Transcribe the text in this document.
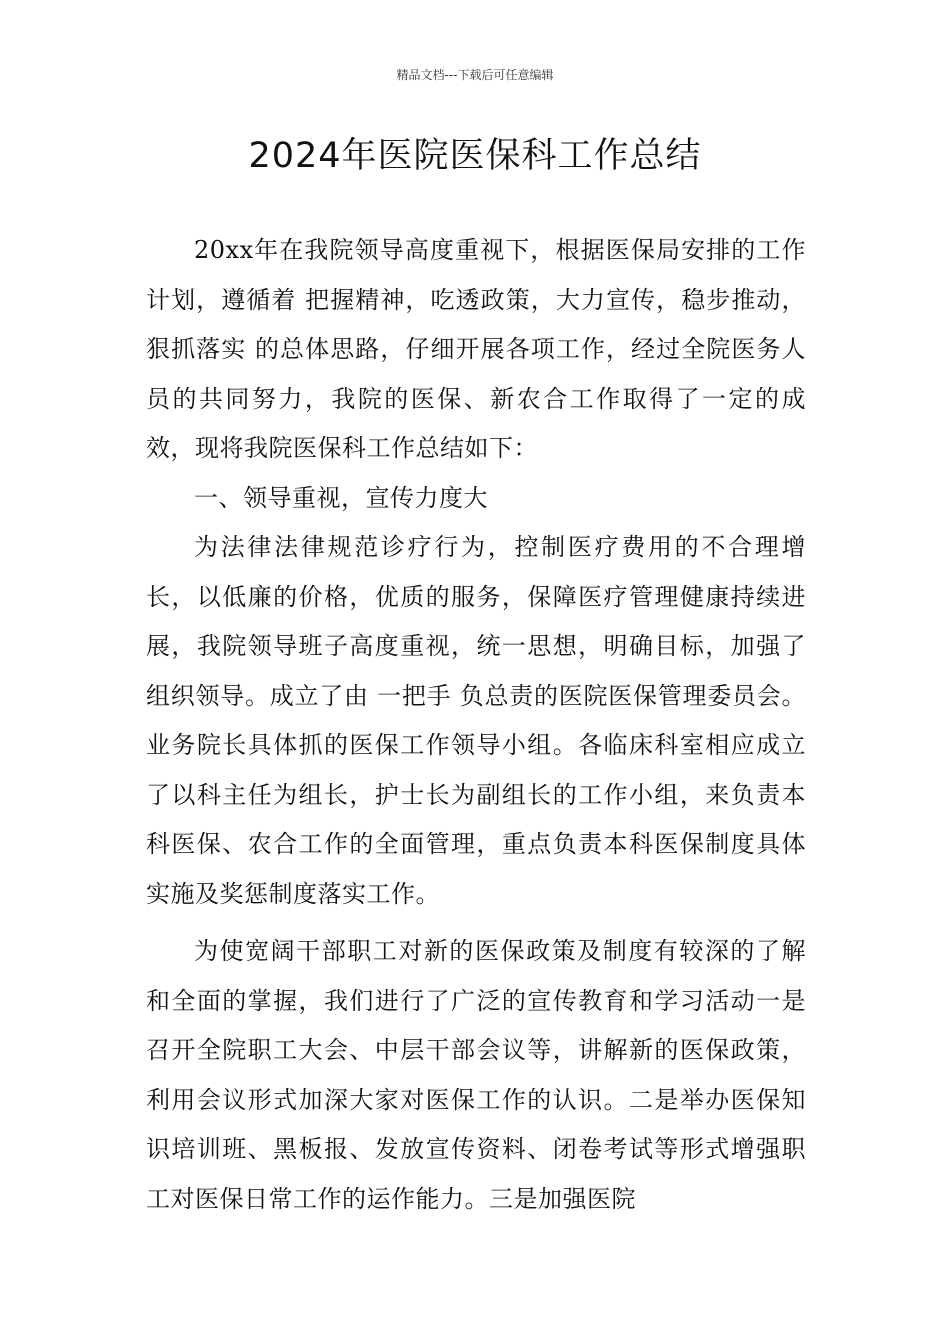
精品文档---下载后可任意编辑
2024年医院医保科工作总结

20xx年在我院领导高度重视下，根据医保局安排的工作计划，遵循着 把握精神，吃透政策，大力宣传，稳步推动，狠抓落实 的总体思路，仔细开展各项工作，经过全院医务人员的共同努力，我院的医保、新农合工作取得了一定的成效，现将我院医保科工作总结如下：

一、领导重视，宣传力度大

为法律法律规范诊疗行为，控制医疗费用的不合理增长，以低廉的价格，优质的服务，保障医疗管理健康持续进展，我院领导班子高度重视，统一思想，明确目标，加强了组织领导。成立了由 一把手 负总责的医院医保管理委员会。业务院长具体抓的医保工作领导小组。各临床科室相应成立了以科主任为组长，护士长为副组长的工作小组，来负责本科医保、农合工作的全面管理，重点负责本科医保制度具体实施及奖惩制度落实工作。

为使宽阔干部职工对新的医保政策及制度有较深的了解和全面的掌握，我们进行了广泛的宣传教育和学习活动一是召开全院职工大会、中层干部会议等，讲解新的医保政策，利用会议形式加深大家对医保工作的认识。二是举办医保知识培训班、黑板报、发放宣传资料、闭卷考试等形式增强职工对医保日常工作的运作能力。三是加强医院
